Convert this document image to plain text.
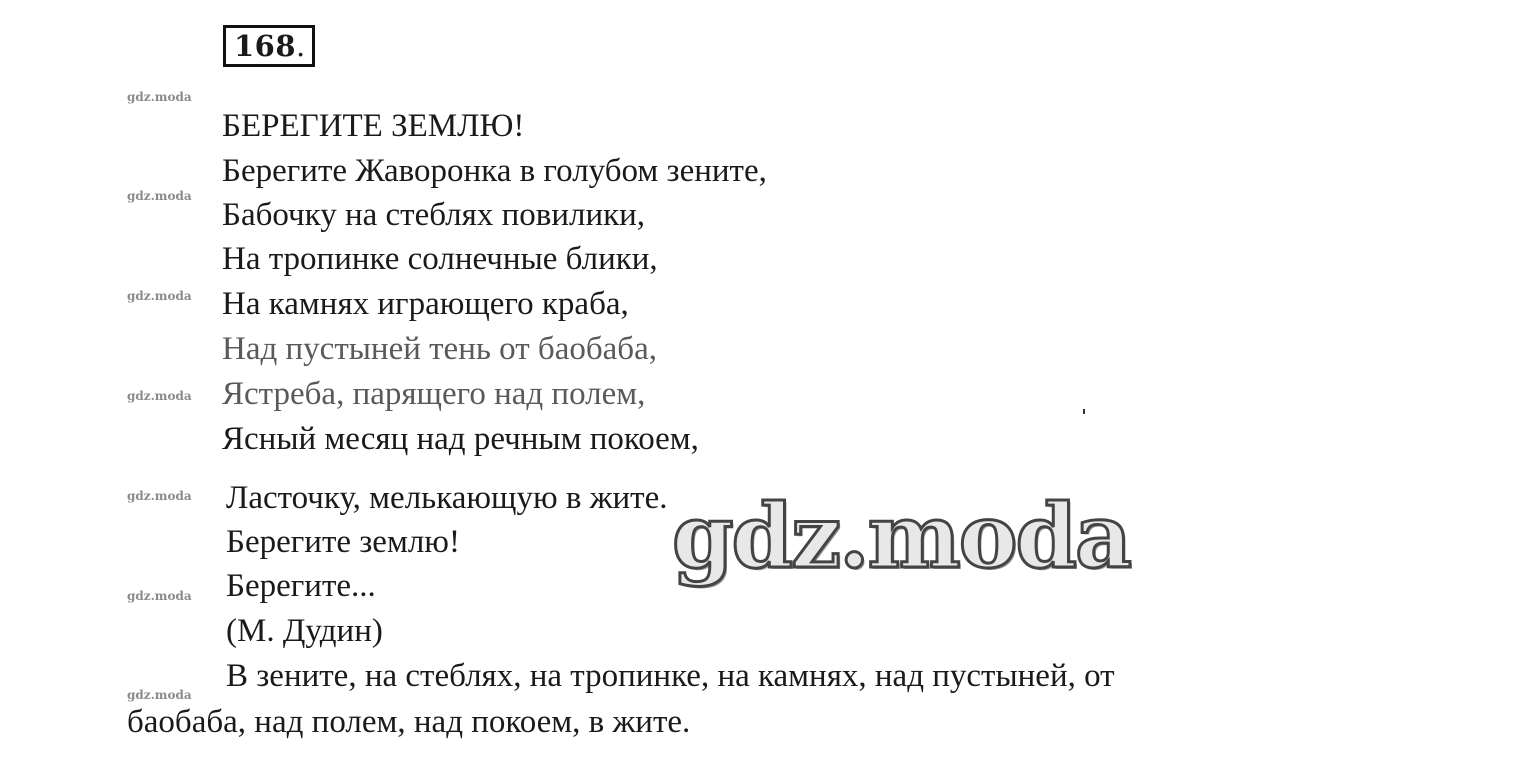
168 .
gdz.moda
gdz.moda
gdz.moda
gdz.moda
gdz.moda
gdz.moda
gdz.moda

БЕРЕГИТЕ ЗЕМЛЮ!

Берегите Жаворонка в голубом зените,

Бабочку на стеблях повилики,

На тропинке солнечные блики,

На камнях играющего краба,

Над пустыней тень от баобаба,

Ястреба, парящего над полем,

Ясный месяц над речным покоем,

Ласточку, мелькающую в жите.

Берегите землю!

Берегите...

(М. Дудин)

В зените, на стеблях, на тропинке, на камнях, над пустыней, от

баобаба, над полем, над покоем, в жите.

gdz.moda
